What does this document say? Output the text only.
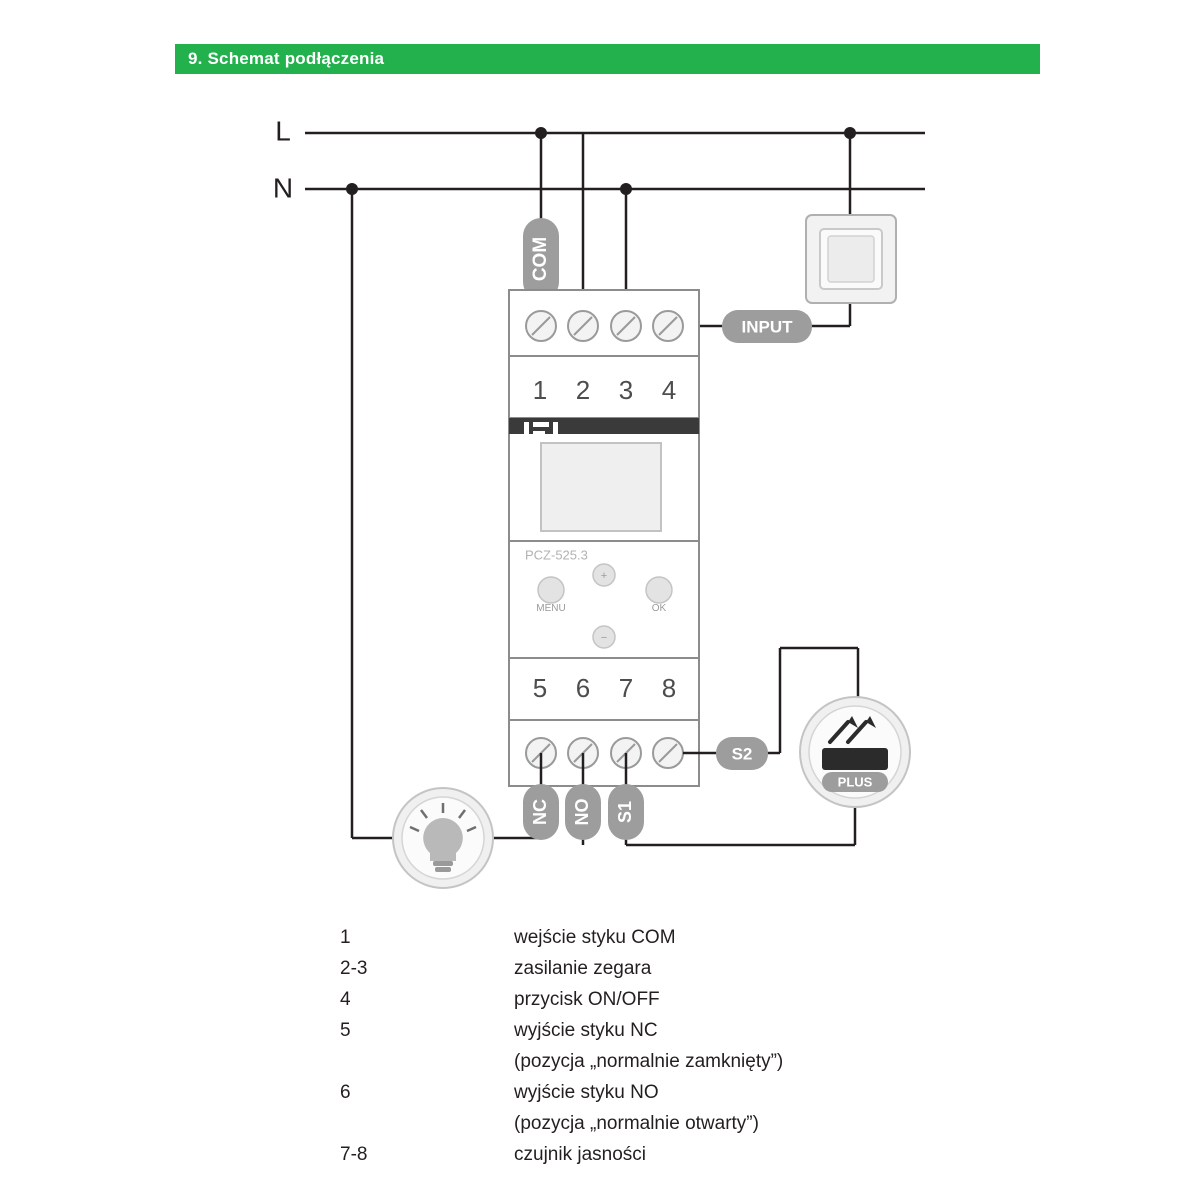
9. Schemat podłączenia
COM
INPUT
1 2 3 4
PCZ-525.3
MENU
+
−
OK
5 6 7 8
S2
NC NO S1
PLUS
L
N
1	wejście styku COM
2-3	zasilanie zegara
4	przycisk ON/OFF
5	wyjście styku NC
(pozycja „normalnie zamknięty”)
6	wyjście styku NO
(pozycja „normalnie otwarty”)
7-8	czujnik jasności
